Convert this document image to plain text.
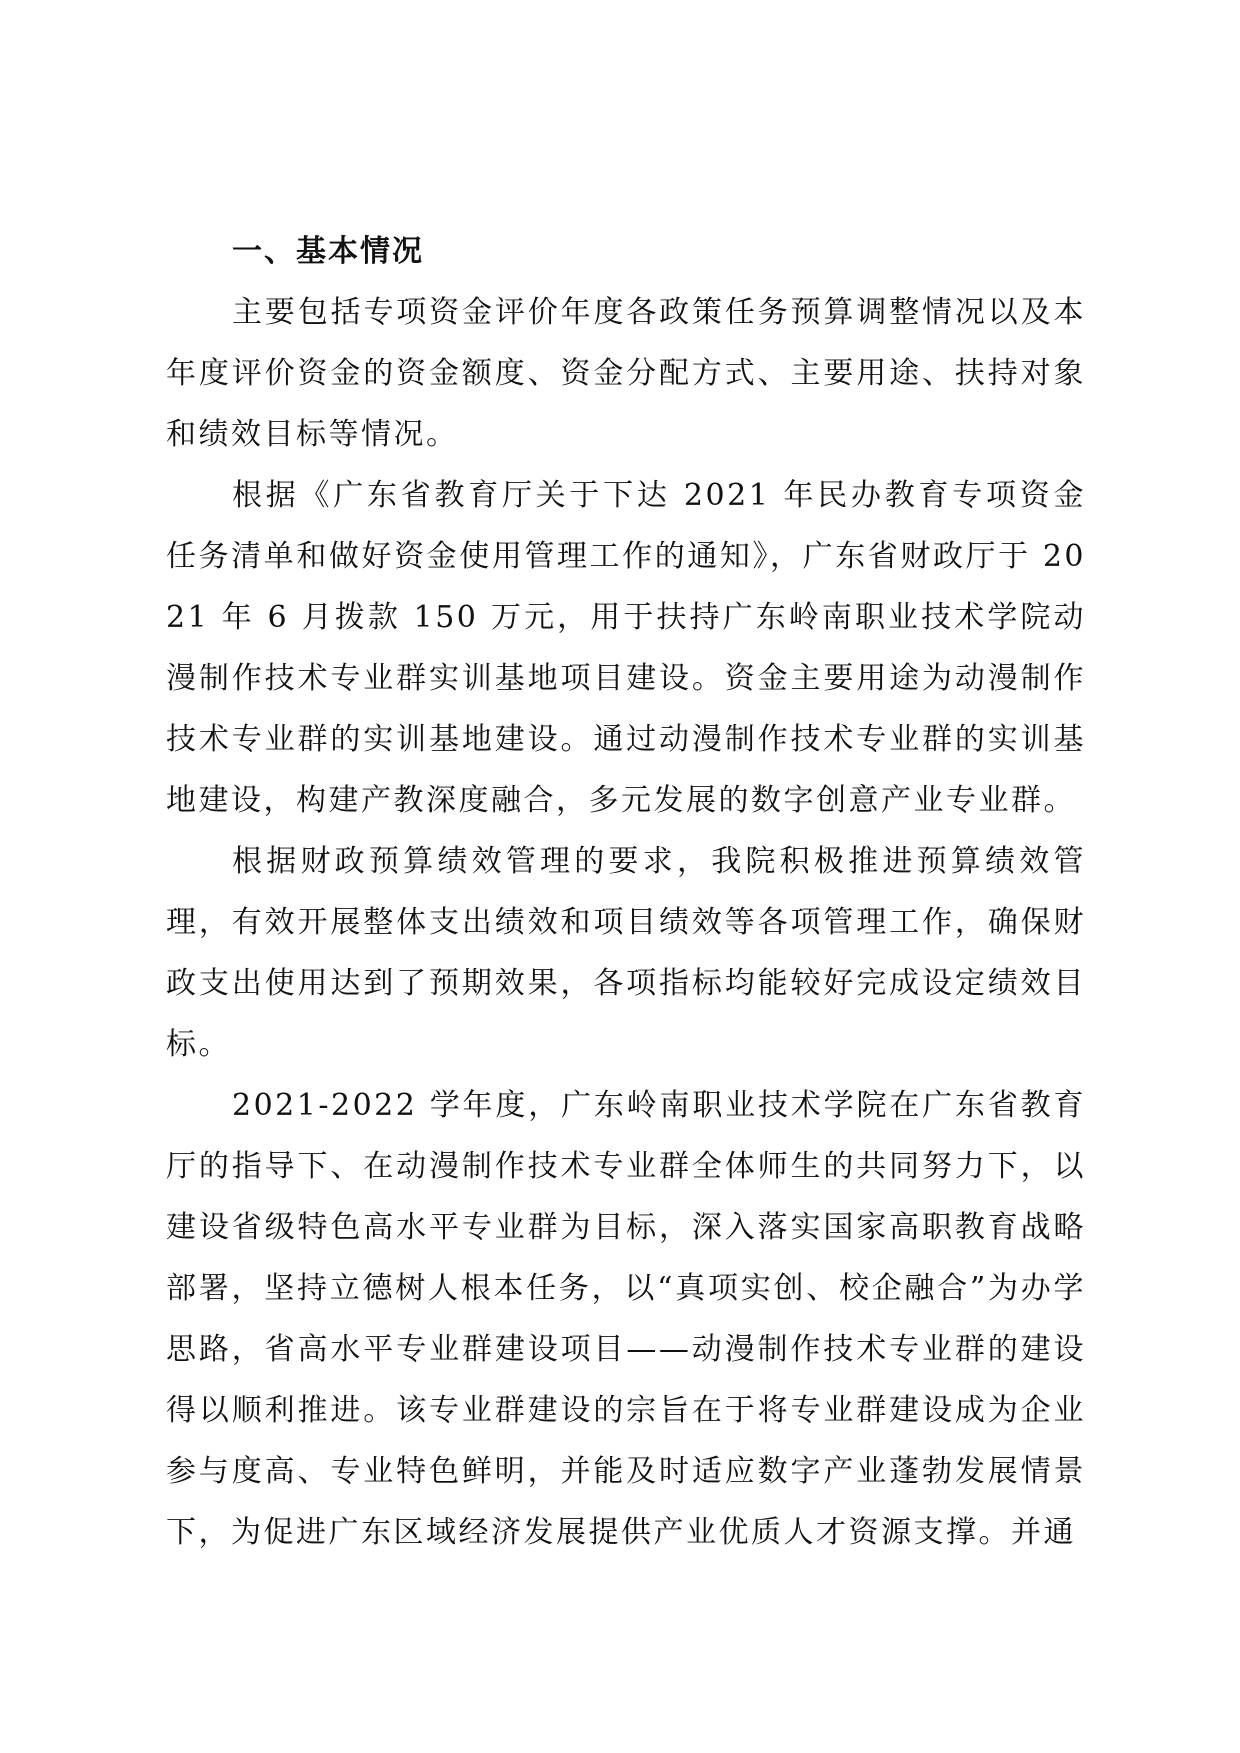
一、基本情况

主要包括专项资金评价年度各政策任务预算调整情况以及本年度评价资金的资金额度、资金分配方式、主要用途、扶持对象和绩效目标等情况。

根据《广东省教育厅关于下达 2021 年民办教育专项资金任务清单和做好资金使用管理工作的通知》，广东省财政厅于 2021 年 6 月拨款 150 万元，用于扶持广东岭南职业技术学院动漫制作技术专业群实训基地项目建设。资金主要用途为动漫制作技术专业群的实训基地建设。通过动漫制作技术专业群的实训基地建设，构建产教深度融合，多元发展的数字创意产业专业群。

根据财政预算绩效管理的要求，我院积极推进预算绩效管理，有效开展整体支出绩效和项目绩效等各项管理工作，确保财政支出使用达到了预期效果，各项指标均能较好完成设定绩效目标。

2021-2022 学年度，广东岭南职业技术学院在广东省教育厅的指导下、在动漫制作技术专业群全体师生的共同努力下，以建设省级特色高水平专业群为目标，深入落实国家高职教育战略部署，坚持立德树人根本任务，以“真项实创、校企融合”为办学思路，省高水平专业群建设项目——动漫制作技术专业群的建设得以顺利推进。该专业群建设的宗旨在于将专业群建设成为企业参与度高、专业特色鲜明，并能及时适应数字产业蓬勃发展情景下，为促进广东区域经济发展提供产业优质人才资源支撑。并通
